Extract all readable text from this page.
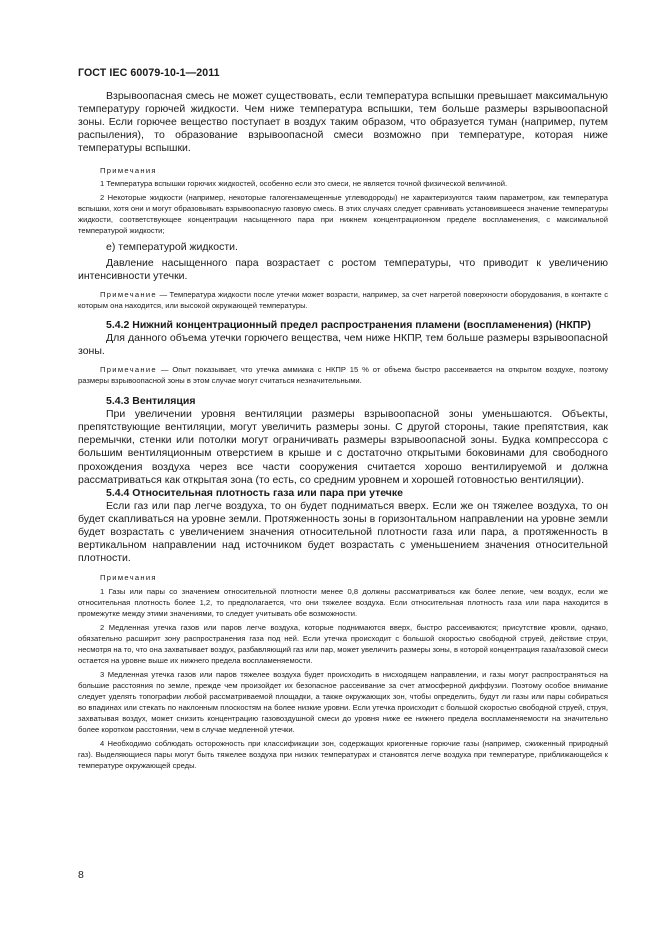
ГОСТ IEC 60079-10-1—2011

Взрывоопасная смесь не может существовать, если температура вспышки превышает максимальную температуру горючей жидкости. Чем ниже температура вспышки, тем больше размеры взрывоопасной зоны. Если горючее вещество поступает в воздух таким образом, что образуется туман (например, путем распыления), то образование взрывоопасной смеси возможно при температуре, которая ниже температуры вспышки.

Примечания

1 Температура вспышки горючих жидкостей, особенно если это смеси, не является точной физической величиной.

2 Некоторые жидкости (например, некоторые галогензамещенные углеводороды) не характеризуются таким параметром, как температура вспышки, хотя они и могут образовывать взрывоопасную газовую смесь. В этих случаях следует сравнивать установившееся значение температуры жидкости, соответствующее концентрации насыщенного пара при нижнем концентрационном пределе воспламенения, с максимальной температурой жидкости;

е) температурой жидкости.

Давление насыщенного пара возрастает с ростом температуры, что приводит к увеличению интенсивности утечки.

Примечание — Температура жидкости после утечки может возрасти, например, за счет нагретой поверхности оборудования, в контакте с которым она находится, или высокой окружающей температуры.

5.4.2 Нижний концентрационный предел распространения пламени (воспламенения) (НКПР)

Для данного объема утечки горючего вещества, чем ниже НКПР, тем больше размеры взрывоопасной зоны.

Примечание — Опыт показывает, что утечка аммиака с НКПР 15 % от объема быстро рассеивается на открытом воздухе, поэтому размеры взрывоопасной зоны в этом случае могут считаться незначительными.

5.4.3 Вентиляция

При увеличении уровня вентиляции размеры взрывоопасной зоны уменьшаются. Объекты, препятствующие вентиляции, могут увеличить размеры зоны. С другой стороны, такие препятствия, как перемычки, стенки или потолки могут ограничивать размеры взрывоопасной зоны. Будка компрессора с большим вентиляционным отверстием в крыше и с достаточно открытыми боковинами для свободного прохождения воздуха через все части сооружения считается хорошо вентилируемой и должна рассматриваться как открытая зона (то есть, со средним уровнем и хорошей готовностью вентиляции).

5.4.4 Относительная плотность газа или пара при утечке

Если газ или пар легче воздуха, то он будет подниматься вверх. Если же он тяжелее воздуха, то он будет скапливаться на уровне земли. Протяженность зоны в горизонтальном направлении на уровне земли будет возрастать с увеличением значения относительной плотности газа или пара, а протяженность в вертикальном направлении над источником будет возрастать с уменьшением значения относительной плотности.

Примечания

1 Газы или пары со значением относительной плотности менее 0,8 должны рассматриваться как более легкие, чем воздух, если же относительная плотность более 1,2, то предполагается, что они тяжелее воздуха. Если относительная плотность газа или пара находится в промежутке между этими значениями, то следует учитывать обе возможности.

2 Медленная утечка газов или паров легче воздуха, которые поднимаются вверх, быстро рассеиваются; присутствие кровли, однако, обязательно расширит зону распространения газа под ней. Если утечка происходит с большой скоростью свободной струей, действие струи, несмотря на то, что она захватывает воздух, разбавляющий газ или пар, может увеличить размеры зоны, в которой концентрация газа/газовой смеси остается на уровне выше их нижнего предела воспламеняемости.

3 Медленная утечка газов или паров тяжелее воздуха будет происходить в нисходящем направлении, и газы могут распространяться на большие расстояния по земле, прежде чем произойдет их безопасное рассеивание за счет атмосферной диффузии. Поэтому особое внимание следует уделять топографии любой рассматриваемой площадки, а также окружающих зон, чтобы определить, будут ли газы или пары собираться во впадинах или стекать по наклонным плоскостям на более низкие уровни. Если утечка происходит с большой скоростью свободной струей, струя, захватывая воздух, может снизить концентрацию газовоздушной смеси до уровня ниже ее нижнего предела воспламеняемости на значительно более коротком расстоянии, чем в случае медленной утечки.

4 Необходимо соблюдать осторожность при классификации зон, содержащих криогенные горючие газы (например, сжиженный природный газ). Выделяющиеся пары могут быть тяжелее воздуха при низких температурах и становятся легче воздуха при температуре, приближающейся к температуре окружающей среды.

8
